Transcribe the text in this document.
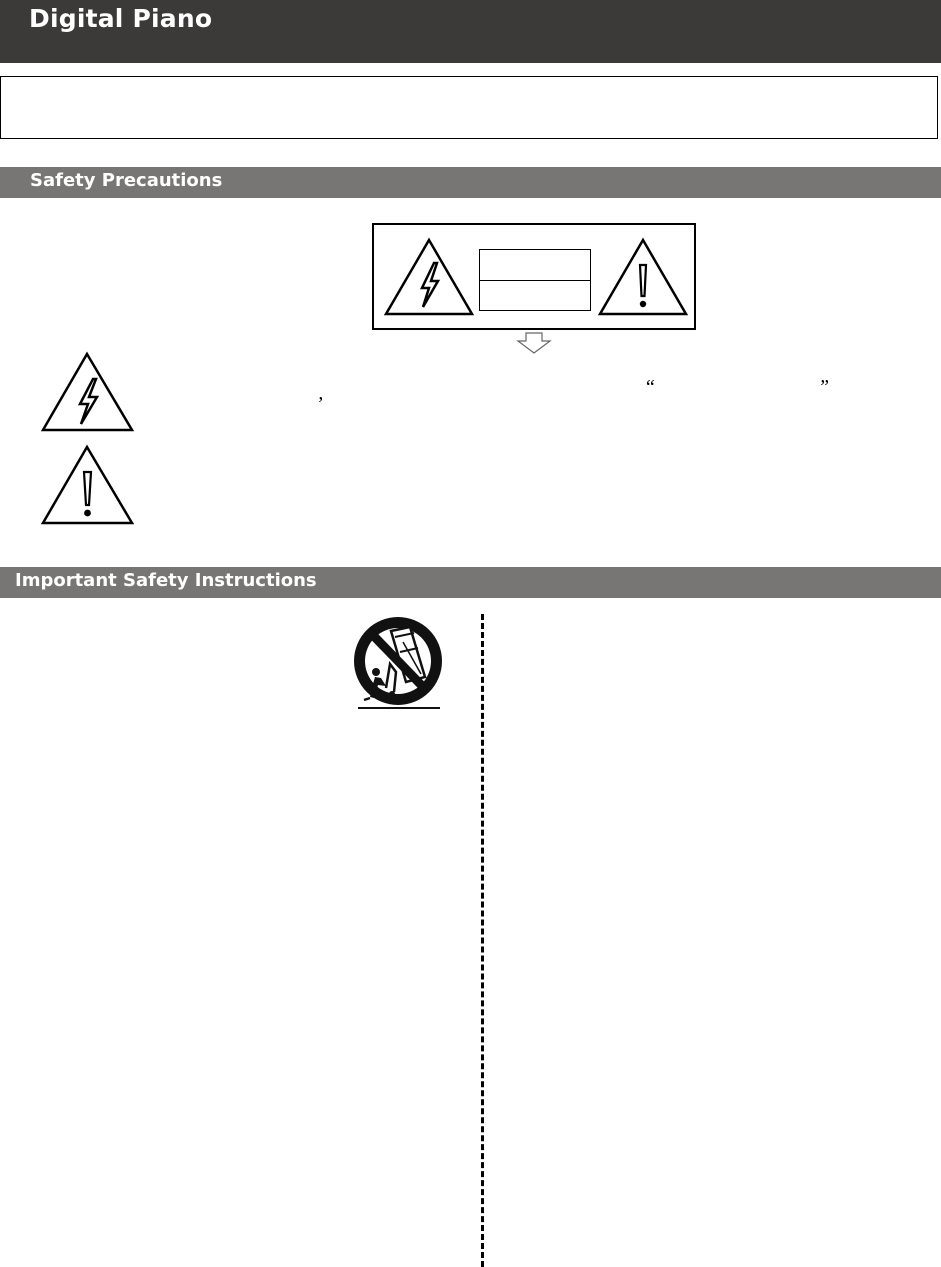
Digital Piano
Safety Precautions
“	”
’
Important Safety Instructions
